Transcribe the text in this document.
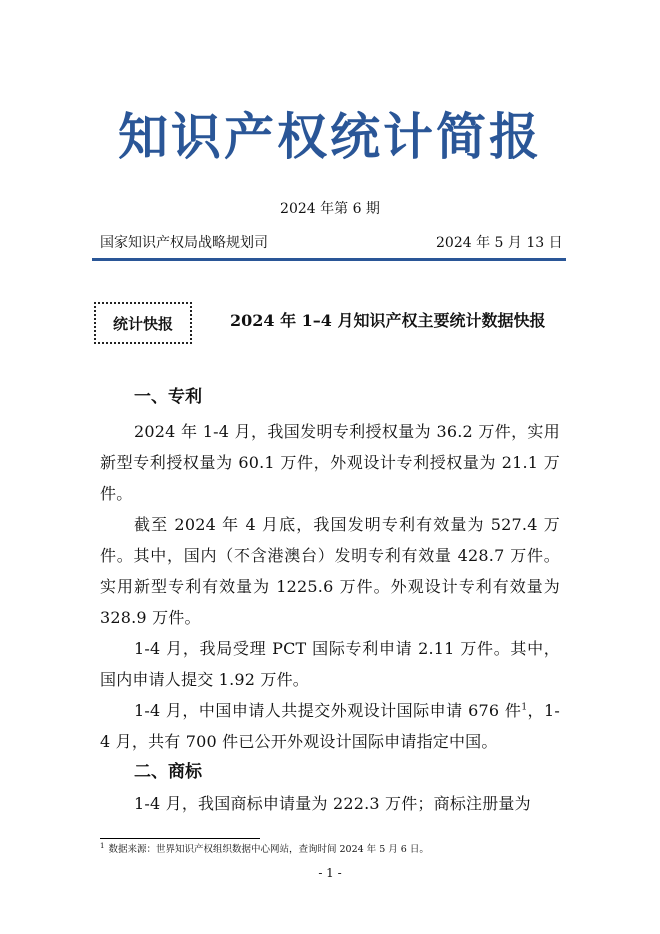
知识产权统计简报
2024 年第 6 期
国家知识产权局战略规划司	2024 年 5 月 13 日
统计快报	2024 年 1–4 月知识产权主要统计数据快报
一、专利
2024 年 1-4 月，我国发明专利授权量为 36.2 万件，实用新型专利授权量为 60.1 万件，外观设计专利授权量为 21.1 万件。
截至 2024 年 4 月底，我国发明专利有效量为 527.4 万件。其中，国内（不含港澳台）发明专利有效量 428.7 万件。实用新型专利有效量为 1225.6 万件。外观设计专利有效量为 328.9 万件。
1-4 月，我局受理 PCT 国际专利申请 2.11 万件。其中，国内申请人提交 1.92 万件。
1-4 月，中国申请人共提交外观设计国际申请 676 件$^1$，1-4 月，共有 700 件已公开外观设计国际申请指定中国。
二、商标
1-4 月，我国商标申请量为 222.3 万件；商标注册量为
$^1$ 数据来源：世界知识产权组织数据中心网站，查询时间 2024 年 5 月 6 日。
- 1 -
